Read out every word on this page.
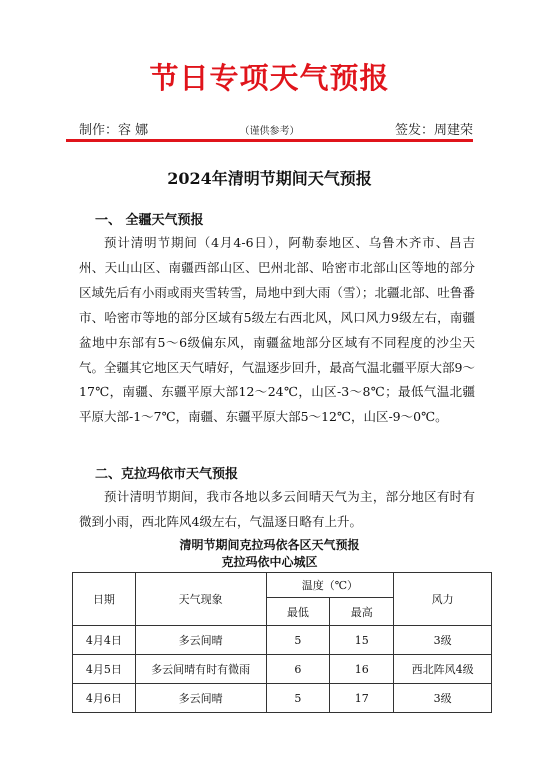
节日专项天气预报
制作：容 娜	（谨供参考）	签发：周建荣
2024年清明节期间天气预报
一、 全疆天气预报

预计清明节期间（4月4-6日），阿勒泰地区、乌鲁木齐市、昌吉州、天山山区、南疆西部山区、巴州北部、哈密市北部山区等地的部分区域先后有小雨或雨夹雪转雪，局地中到大雨（雪）；北疆北部、吐鲁番市、哈密市等地的部分区域有5级左右西北风，风口风力9级左右，南疆盆地中东部有5～6级偏东风，南疆盆地部分区域有不同程度的沙尘天气。全疆其它地区天气晴好，气温逐步回升，最高气温北疆平原大部9～17℃，南疆、东疆平原大部12～24℃，山区-3～8℃；最低气温北疆平原大部-1～7℃，南疆、东疆平原大部5～12℃，山区-9～0℃。

二、克拉玛依市天气预报

预计清明节期间，我市各地以多云间晴天气为主，部分地区有时有微到小雨，西北阵风4级左右，气温逐日略有上升。

清明节期间克拉玛依各区天气预报
克拉玛依中心城区
日期	天气现象	温度（℃）		风力
		最低	最高	
4月4日	多云间晴	5	15	3级
4月5日	多云间晴有时有微雨	6	16	西北阵风4级
4月6日	多云间晴	5	17	3级
